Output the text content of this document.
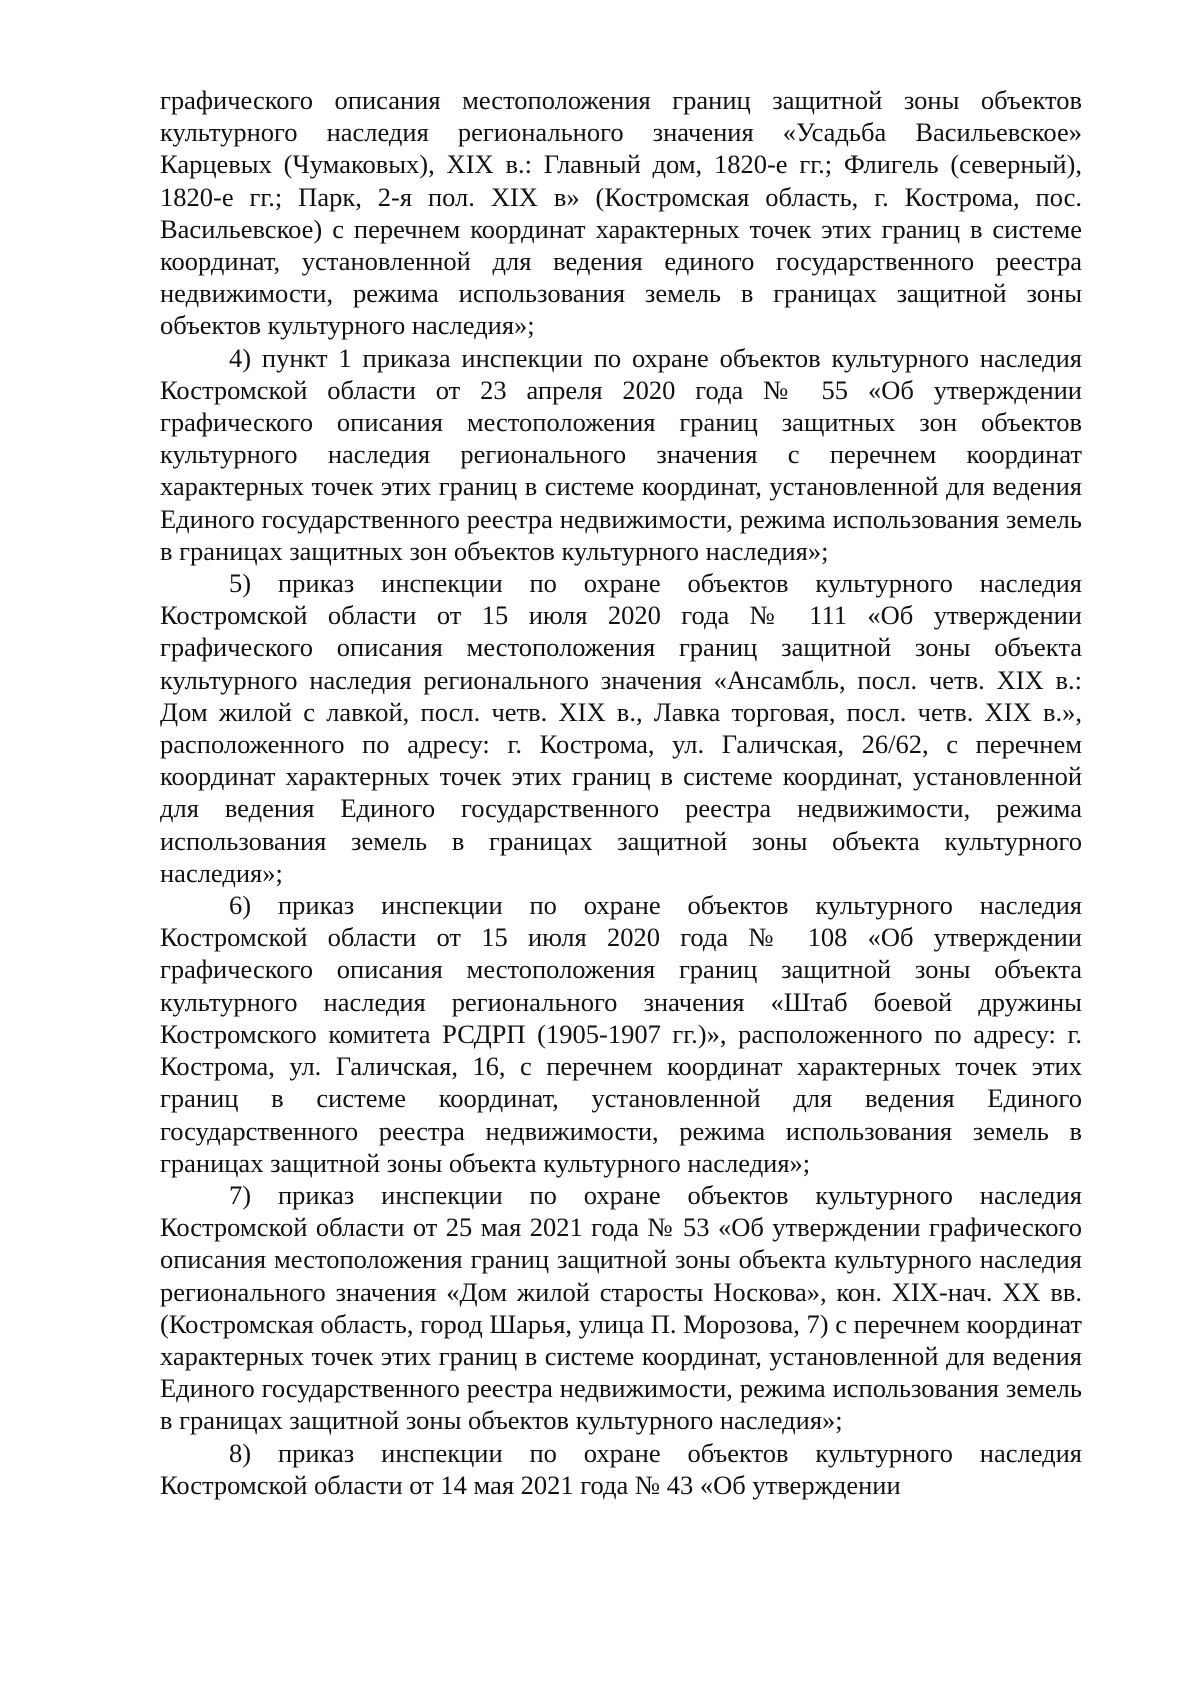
графического описания местоположения границ защитной зоны объектов культурного наследия регионального значения «Усадьба Васильевское» Карцевых (Чумаковых), XIX в.: Главный дом, 1820-е гг.; Флигель (северный), 1820-е гг.; Парк, 2-я пол. XIX в» (Костромская область, г. Кострома, пос. Васильевское) с перечнем координат характерных точек этих границ в системе координат, установленной для ведения единого государственного реестра недвижимости, режима использования земель в границах защитной зоны объектов культурного наследия»;

4) пункт 1 приказа инспекции по охране объектов культурного наследия Костромской области от 23 апреля 2020 года № 55 «Об утверждении графического описания местоположения границ защитных зон объектов культурного наследия регионального значения с перечнем координат характерных точек этих границ в системе координат, установленной для ведения Единого государственного реестра недвижимости, режима использования земель в границах защитных зон объектов культурного наследия»;

5) приказ инспекции по охране объектов культурного наследия Костромской области от 15 июля 2020 года № 111 «Об утверждении графического описания местоположения границ защитной зоны объекта культурного наследия регионального значения «Ансамбль, посл. четв. XIX в.: Дом жилой с лавкой, посл. четв. XIX в., Лавка торговая, посл. четв. XIX в.», расположенного по адресу: г. Кострома, ул. Галичская, 26/62, с перечнем координат характерных точек этих границ в системе координат, установленной для ведения Единого государственного реестра недвижимости, режима использования земель в границах защитной зоны объекта культурного наследия»;

6) приказ инспекции по охране объектов культурного наследия Костромской области от 15 июля 2020 года № 108 «Об утверждении графического описания местоположения границ защитной зоны объекта культурного наследия регионального значения «Штаб боевой дружины Костромского комитета РСДРП (1905-1907 гг.)», расположенного по адресу: г. Кострома, ул. Галичская, 16, с перечнем координат характерных точек этих границ в системе координат, установленной для ведения Единого государственного реестра недвижимости, режима использования земель в границах защитной зоны объекта культурного наследия»;

7) приказ инспекции по охране объектов культурного наследия Костромской области от 25 мая 2021 года № 53 «Об утверждении графического описания местоположения границ защитной зоны объекта культурного наследия регионального значения «Дом жилой старосты Носкова», кон. XIX-нач. XX вв. (Костромская область, город Шарья, улица П. Морозова, 7) с перечнем координат характерных точек этих границ в системе координат, установленной для ведения Единого государственного реестра недвижимости, режима использования земель в границах защитной зоны объектов культурного наследия»;

8) приказ инспекции по охране объектов культурного наследия Костромской области от 14 мая 2021 года № 43 «Об утверждении
